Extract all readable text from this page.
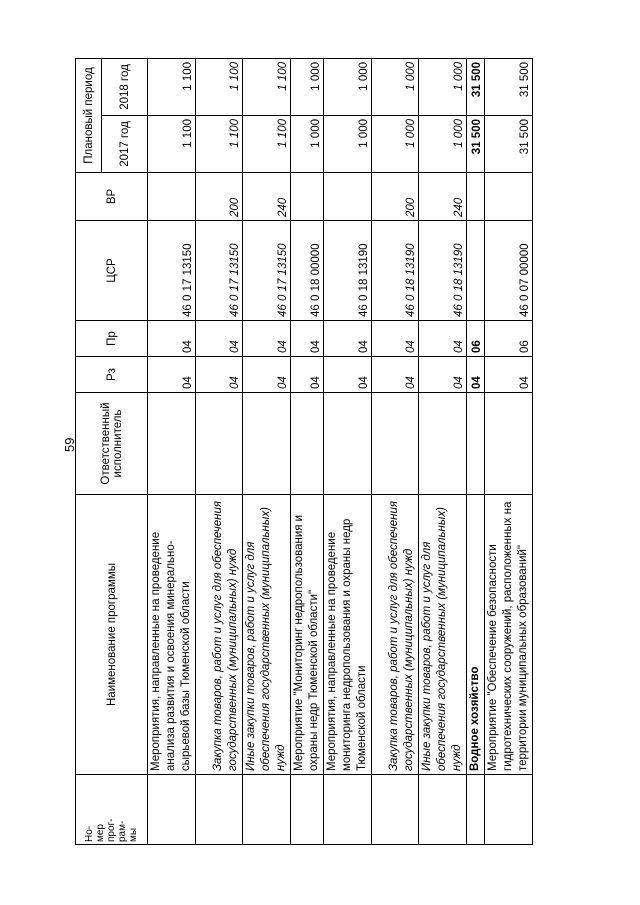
59
Но-
мер
прог-
рам-
мы	Наименование программы	Ответственный исполнитель	Рз	Пр	ЦСР	ВР	Плановый период	
							2017 год	2018 год
	Мероприятия, направленные на проведение анализа развития и освоения минерально-сырьевой базы Тюменской области		04	04	46 0 17 13150		1 100	1 100
	Закупка товаров, работ и услуг для обеспечения государственных (муниципальных) нужд		04	04	46 0 17 13150	200	1 100	1 100
	Иные закупки товаров, работ и услуг для обеспечения государственных (муниципальных) нужд		04	04	46 0 17 13150	240	1 100	1 100
	Мероприятие "Мониторинг недропользования и охраны недр Тюменской области"		04	04	46 0 18 00000		1 000	1 000
	Мероприятия, направленные на проведение мониторинга недропользования и охраны недр Тюменской области		04	04	46 0 18 13190		1 000	1 000
	Закупка товаров, работ и услуг для обеспечения государственных (муниципальных) нужд		04	04	46 0 18 13190	200	1 000	1 000
	Иные закупки товаров, работ и услуг для обеспечения государственных (муниципальных) нужд		04	04	46 0 18 13190	240	1 000	1 000
	Водное хозяйство		04	06			31 500	31 500
	Мероприятие "Обеспечение безопасности гидротехнических сооружений, расположенных на территории муниципальных образований"		04	06	46 0 07 00000		31 500	31 500
